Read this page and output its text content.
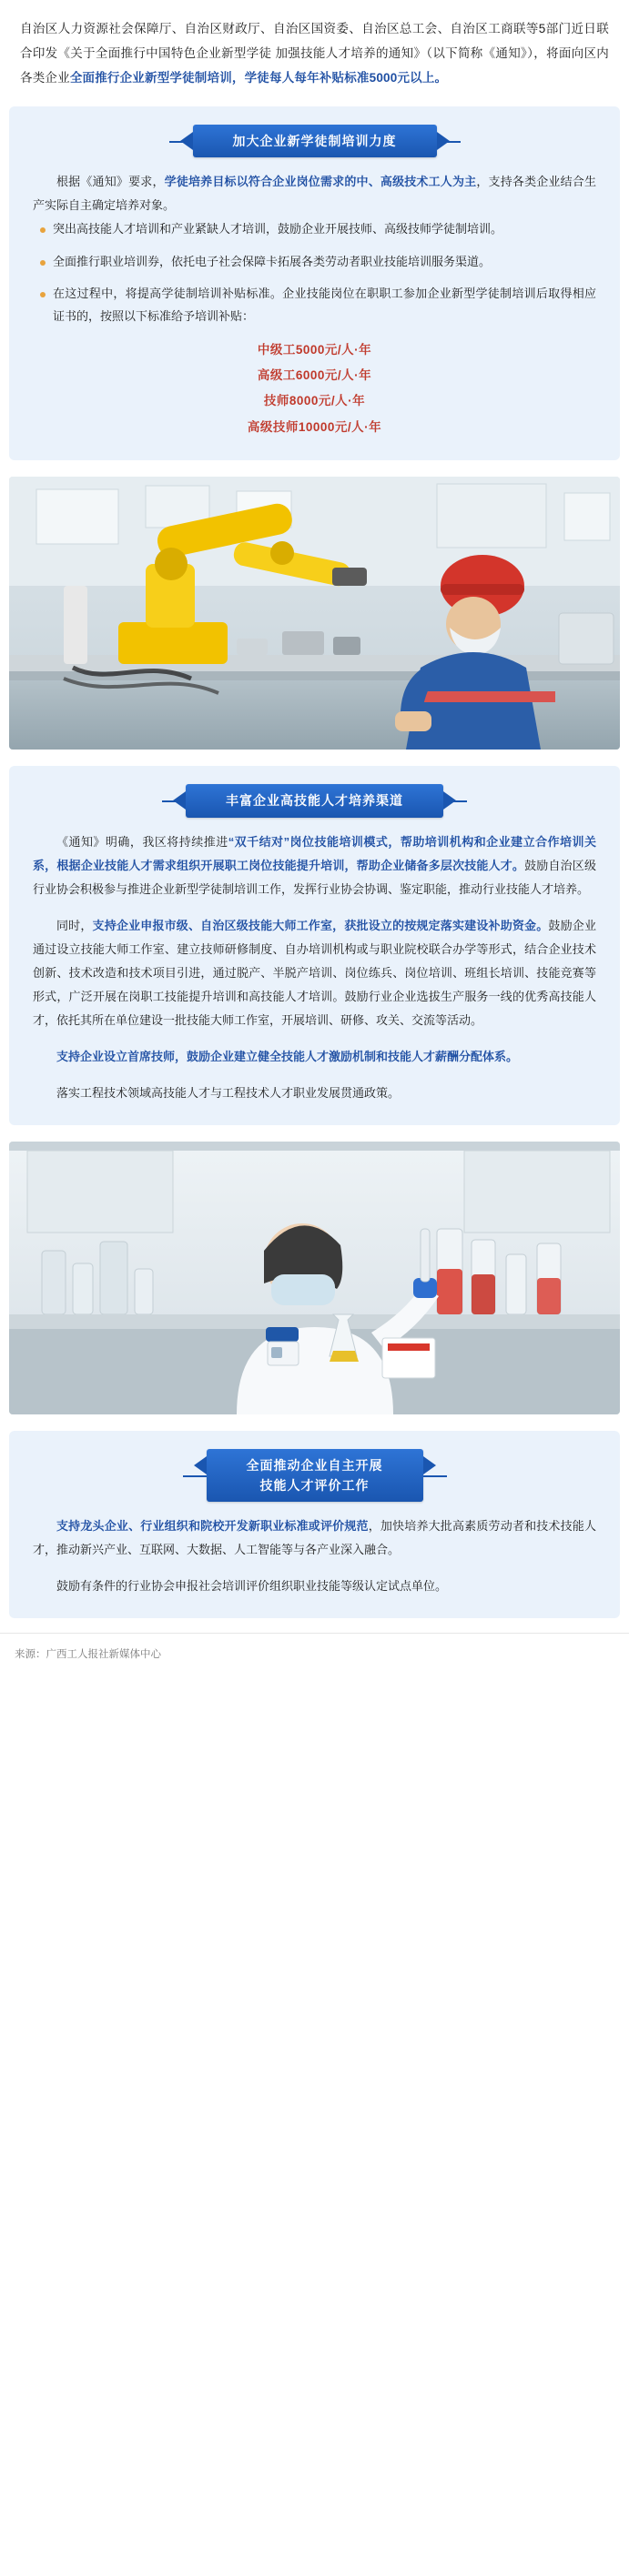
自治区人力资源社会保障厅、自治区财政厅、自治区国资委、自治区总工会、自治区工商联等5部门近日联合印发《关于全面推行中国特色企业新型学徒 加强技能人才培养的通知》（以下简称《通知》），将面向区内各类企业全面推行企业新型学徒制培训，学徒每人每年补贴标准5000元以上。
加大企业新学徒制培训力度

根据《通知》要求，学徒培养目标以符合企业岗位需求的中、高级技术工人为主，支持各类企业结合生产实际自主确定培养对象。

突出高技能人才培训和产业紧缺人才培训，鼓励企业开展技师、高级技师学徒制培训。
全面推行职业培训券，依托电子社会保障卡拓展各类劳动者职业技能培训服务渠道。
在这过程中，将提高学徒制培训补贴标准。企业技能岗位在职职工参加企业新型学徒制培训后取得相应证书的，按照以下标准给予培训补贴：
中级工5000元/人·年
高级工6000元/人·年
技师8000元/人·年
高级技师10000元/人·年
丰富企业高技能人才培养渠道

《通知》明确，我区将持续推进“双千结对”岗位技能培训模式，帮助培训机构和企业建立合作培训关系，根据企业技能人才需求组织开展职工岗位技能提升培训，帮助企业储备多层次技能人才。鼓励自治区级行业协会积极参与推进企业新型学徒制培训工作，发挥行业协会协调、鉴定职能，推动行业技能人才培养。

同时，支持企业申报市级、自治区级技能大师工作室，获批设立的按规定落实建设补助资金。鼓励企业通过设立技能大师工作室、建立技师研修制度、自办培训机构或与职业院校联合办学等形式，结合企业技术创新、技术改造和技术项目引进，通过脱产、半脱产培训、岗位练兵、岗位培训、班组长培训、技能竞赛等形式，广泛开展在岗职工技能提升培训和高技能人才培训。鼓励行业企业选拔生产服务一线的优秀高技能人才，依托其所在单位建设一批技能大师工作室，开展培训、研修、攻关、交流等活动。

支持企业设立首席技师，鼓励企业建立健全技能人才激励机制和技能人才薪酬分配体系。

落实工程技术领域高技能人才与工程技术人才职业发展贯通政策。

全面推动企业自主开展
技能人才评价工作

支持龙头企业、行业组织和院校开发新职业标准或评价规范，加快培养大批高素质劳动者和技术技能人才，推动新兴产业、互联网、大数据、人工智能等与各产业深入融合。

鼓励有条件的行业协会申报社会培训评价组织职业技能等级认定试点单位。

来源：广西工人报社新媒体中心
